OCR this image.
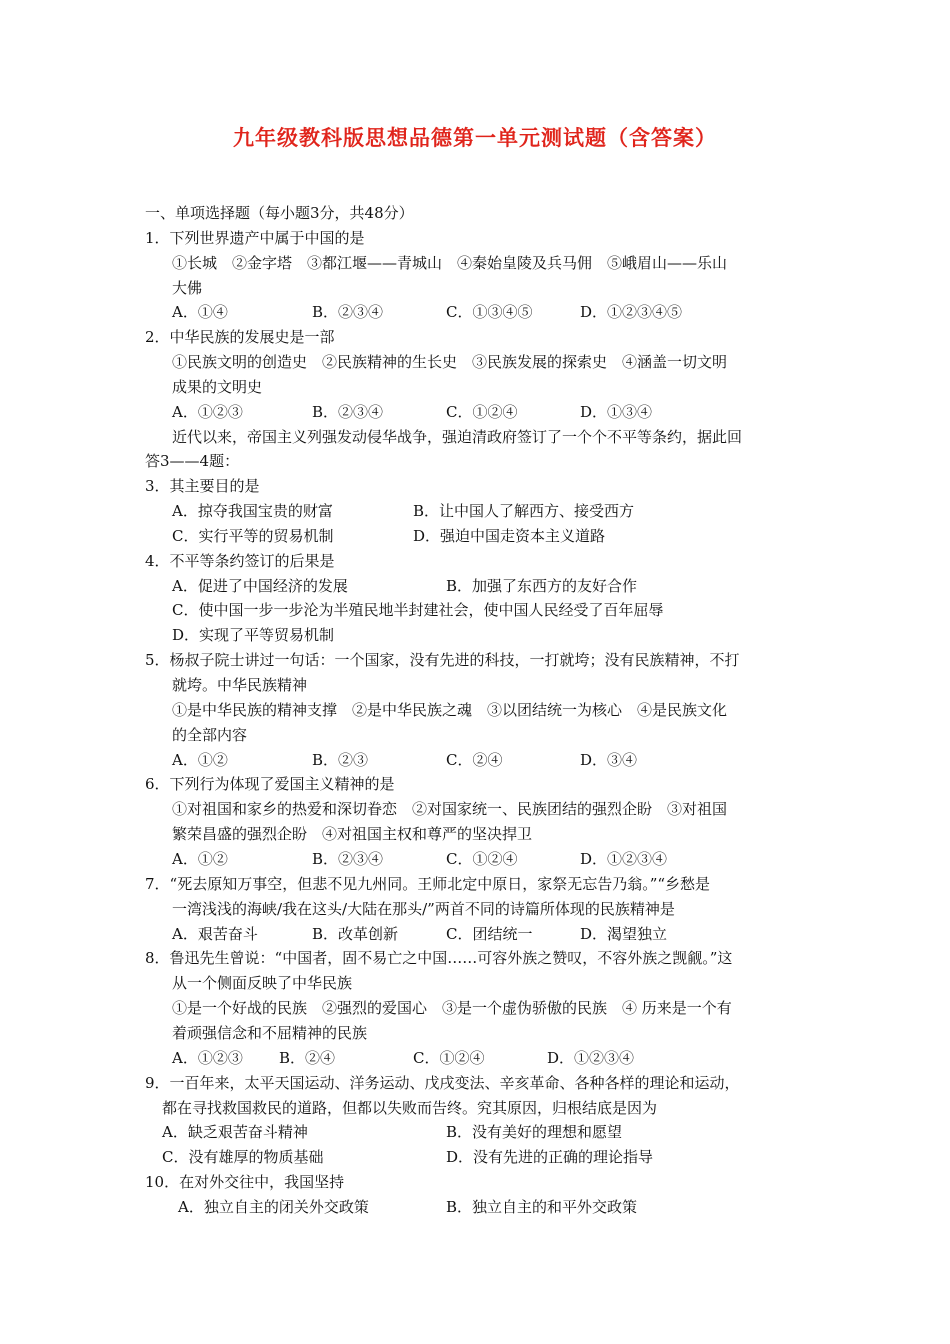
九年级教科版思想品德第一单元测试题（含答案）
一、单项选择题（每小题3分，共48分）
1．下列世界遗产中属于中国的是
①长城　②金字塔　③都江堰——青城山　④秦始皇陵及兵马佣　⑤峨眉山——乐山
大佛
A．①④	B．②③④	C．①③④⑤	D．①②③④⑤
2．中华民族的发展史是一部
①民族文明的创造史　②民族精神的生长史　③民族发展的探索史　④涵盖一切文明
成果的文明史
A．①②③	B．②③④	C．①②④	D．①③④
近代以来，帝国主义列强发动侵华战争，强迫清政府签订了一个个不平等条约，据此回
答3——4题：
3．其主要目的是
A．掠夺我国宝贵的财富	B．让中国人了解西方、接受西方
C．实行平等的贸易机制	D．强迫中国走资本主义道路
4．不平等条约签订的后果是
A．促进了中国经济的发展	B．加强了东西方的友好合作
C．使中国一步一步沦为半殖民地半封建社会，使中国人民经受了百年屈辱
D．实现了平等贸易机制
5．杨叔子院士讲过一句话：一个国家，没有先进的科技，一打就垮；没有民族精神，不打
就垮。中华民族精神
①是中华民族的精神支撑　②是中华民族之魂　③以团结统一为核心　④是民族文化
的全部内容
A．①②	B．②③	C．②④	D．③④
6．下列行为体现了爱国主义精神的是
①对祖国和家乡的热爱和深切眷恋　②对国家统一、民族团结的强烈企盼　③对祖国
繁荣昌盛的强烈企盼　④对祖国主权和尊严的坚决捍卫
A．①②	B．②③④	C．①②④	D．①②③④
7．“死去原知万事空，但悲不见九州同。王师北定中原日，家祭无忘告乃翁。”“乡愁是
一湾浅浅的海峡/我在这头/大陆在那头/”两首不同的诗篇所体现的民族精神是
A．艰苦奋斗	B．改革创新	C．团结统一	D．渴望独立
8．鲁迅先生曾说：“中国者，固不易亡之中国……可容外族之赞叹，不容外族之觊觎。”这
从一个侧面反映了中华民族
①是一个好战的民族　②强烈的爱国心　③是一个虚伪骄傲的民族　④ 历来是一个有
着顽强信念和不屈精神的民族
A．①②③ B．②④	C．①②④	D．①②③④
9．一百年来，太平天国运动、洋务运动、戊戌变法、辛亥革命、各种各样的理论和运动，
都在寻找救国救民的道路，但都以失败而告终。究其原因，归根结底是因为
A．缺乏艰苦奋斗精神	B．没有美好的理想和愿望
C．没有雄厚的物质基础	D．没有先进的正确的理论指导
10．在对外交往中，我国坚持
A．独立自主的闭关外交政策	B．独立自主的和平外交政策
